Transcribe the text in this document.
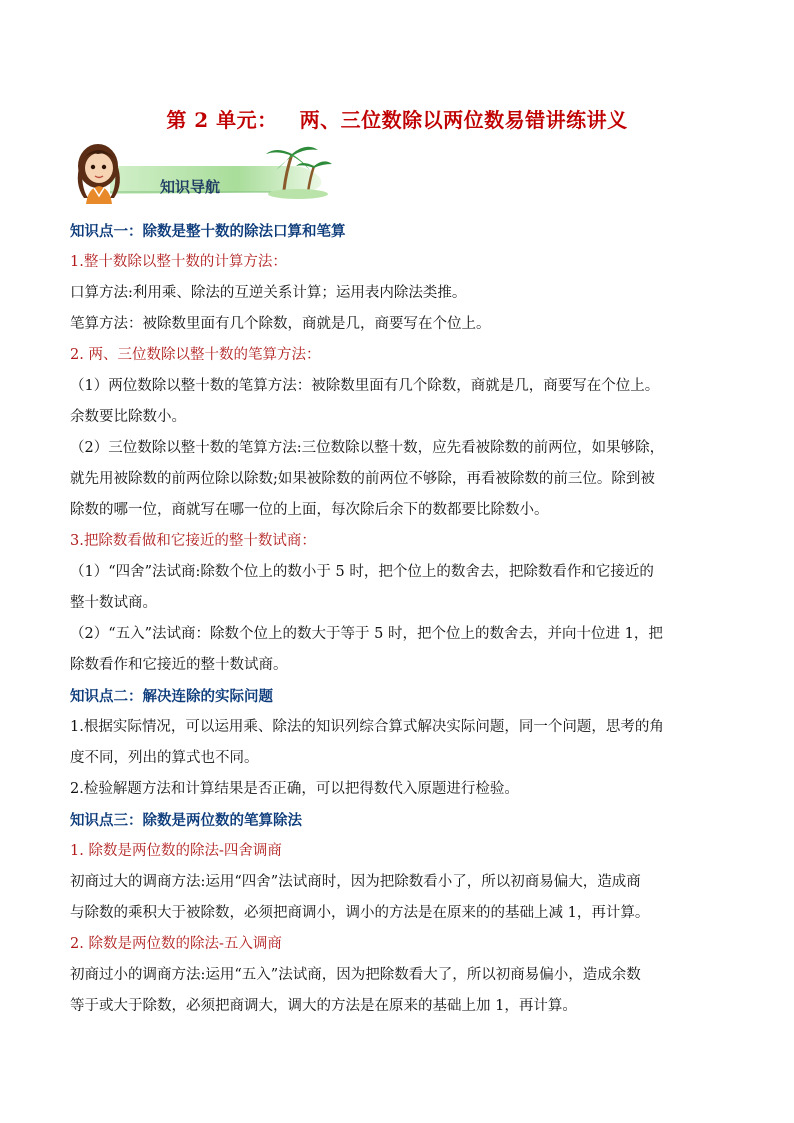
第 2 单元： 两、三位数除以两位数易错讲练讲义
知识导航
知识点一：除数是整十数的除法口算和笔算
1.整十数除以整十数的计算方法：
口算方法:利用乘、除法的互逆关系计算；运用表内除法类推。
笔算方法：被除数里面有几个除数，商就是几，商要写在个位上。
2. 两、三位数除以整十数的笔算方法：
（1）两位数除以整十数的笔算方法：被除数里面有几个除数，商就是几，商要写在个位上。
余数要比除数小。
（2）三位数除以整十数的笔算方法:三位数除以整十数，应先看被除数的前两位，如果够除，
就先用被除数的前两位除以除数;如果被除数的前两位不够除，再看被除数的前三位。除到被
除数的哪一位，商就写在哪一位的上面，每次除后余下的数都要比除数小。
3.把除数看做和它接近的整十数试商：
（1）“四舍”法试商:除数个位上的数小于 5 时，把个位上的数舍去，把除数看作和它接近的
整十数试商。
（2）“五入”法试商：除数个位上的数大于等于 5 时，把个位上的数舍去，并向十位进 1，把
除数看作和它接近的整十数试商。
知识点二：解决连除的实际问题
1.根据实际情况，可以运用乘、除法的知识列综合算式解决实际问题，同一个问题，思考的角
度不同，列出的算式也不同。
2.检验解题方法和计算结果是否正确，可以把得数代入原题进行检验。
知识点三：除数是两位数的笔算除法
1. 除数是两位数的除法-四舍调商
初商过大的调商方法:运用“四舍”法试商时，因为把除数看小了，所以初商易偏大，造成商
与除数的乘积大于被除数，必须把商调小，调小的方法是在原来的的基础上减 1，再计算。
2. 除数是两位数的除法-五入调商
初商过小的调商方法:运用“五入”法试商，因为把除数看大了，所以初商易偏小，造成余数
等于或大于除数，必须把商调大，调大的方法是在原来的基础上加 1，再计算。
